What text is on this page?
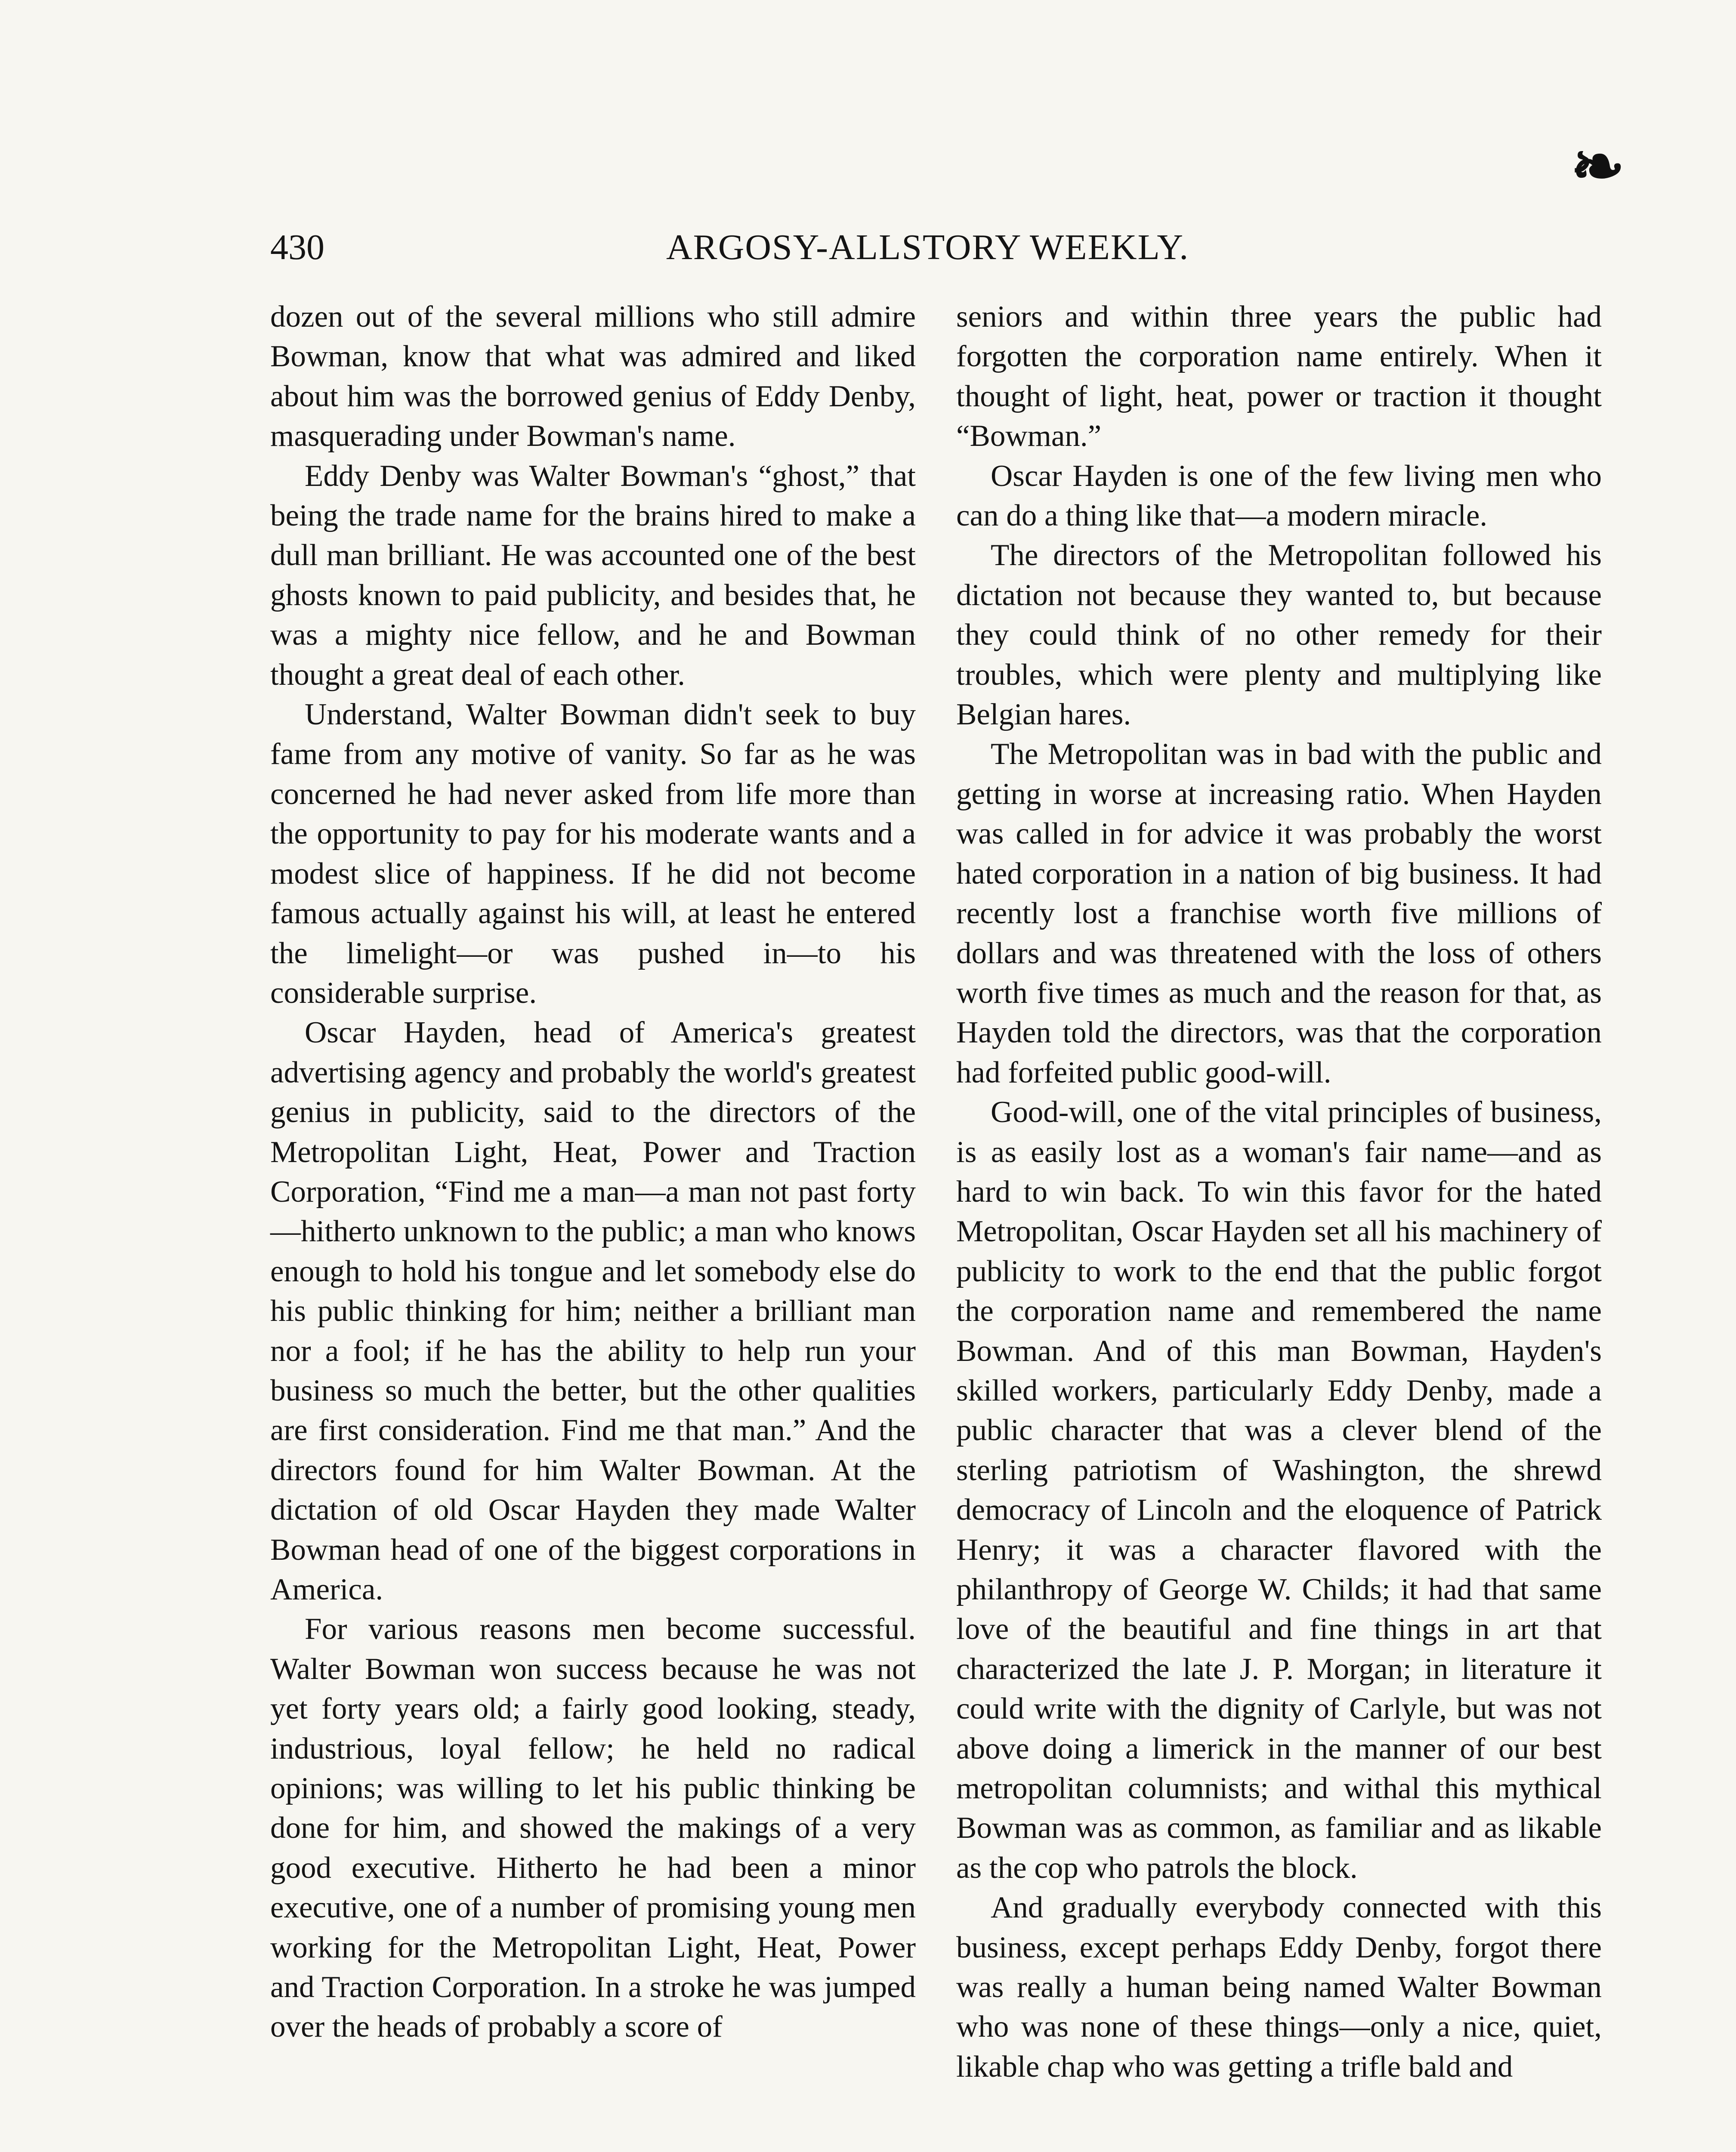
❧
430	ARGOSY-ALLSTORY WEEKLY.

dozen out of the several millions who still admire Bowman, know that what was admired and liked about him was the borrowed genius of Eddy Denby, masquerading under Bowman's name.

Eddy Denby was Walter Bowman's “ghost,” that being the trade name for the brains hired to make a dull man brilliant. He was accounted one of the best ghosts known to paid publicity, and besides that, he was a mighty nice fellow, and he and Bowman thought a great deal of each other.

Understand, Walter Bowman didn't seek to buy fame from any motive of vanity. So far as he was concerned he had never asked from life more than the opportunity to pay for his moderate wants and a modest slice of happiness. If he did not become famous actually against his will, at least he entered the limelight—or was pushed in—to his considerable surprise.

Oscar Hayden, head of America's greatest advertising agency and probably the world's greatest genius in publicity, said to the directors of the Metropolitan Light, Heat, Power and Traction Corporation, “Find me a man—a man not past forty—hitherto unknown to the public; a man who knows enough to hold his tongue and let somebody else do his public thinking for him; neither a brilliant man nor a fool; if he has the ability to help run your business so much the better, but the other qualities are first consideration. Find me that man.” And the directors found for him Walter Bowman. At the dictation of old Oscar Hayden they made Walter Bowman head of one of the biggest corporations in America.

For various reasons men become successful. Walter Bowman won success because he was not yet forty years old; a fairly good looking, steady, industrious, loyal fellow; he held no radical opinions; was willing to let his public thinking be done for him, and showed the makings of a very good executive. Hitherto he had been a minor executive, one of a number of promising young men working for the Metropolitan Light, Heat, Power and Traction Corporation. In a stroke he was jumped over the heads of probably a score of

seniors and within three years the public had forgotten the corporation name entirely. When it thought of light, heat, power or traction it thought “Bowman.”

Oscar Hayden is one of the few living men who can do a thing like that—a modern miracle.

The directors of the Metropolitan followed his dictation not because they wanted to, but because they could think of no other remedy for their troubles, which were plenty and multiplying like Belgian hares.

The Metropolitan was in bad with the public and getting in worse at increasing ratio. When Hayden was called in for advice it was probably the worst hated corporation in a nation of big business. It had recently lost a franchise worth five millions of dollars and was threatened with the loss of others worth five times as much and the reason for that, as Hayden told the directors, was that the corporation had forfeited public good-will.

Good-will, one of the vital principles of business, is as easily lost as a woman's fair name—and as hard to win back. To win this favor for the hated Metropolitan, Oscar Hayden set all his machinery of publicity to work to the end that the public forgot the corporation name and remembered the name Bowman. And of this man Bowman, Hayden's skilled workers, particularly Eddy Denby, made a public character that was a clever blend of the sterling patriotism of Washington, the shrewd democracy of Lincoln and the eloquence of Patrick Henry; it was a character flavored with the philanthropy of George W. Childs; it had that same love of the beautiful and fine things in art that characterized the late J. P. Morgan; in literature it could write with the dignity of Carlyle, but was not above doing a limerick in the manner of our best metropolitan columnists; and withal this mythical Bowman was as common, as familiar and as likable as the cop who patrols the block.

And gradually everybody connected with this business, except perhaps Eddy Denby, forgot there was really a human being named Walter Bowman who was none of these things—only a nice, quiet, likable chap who was getting a trifle bald and
